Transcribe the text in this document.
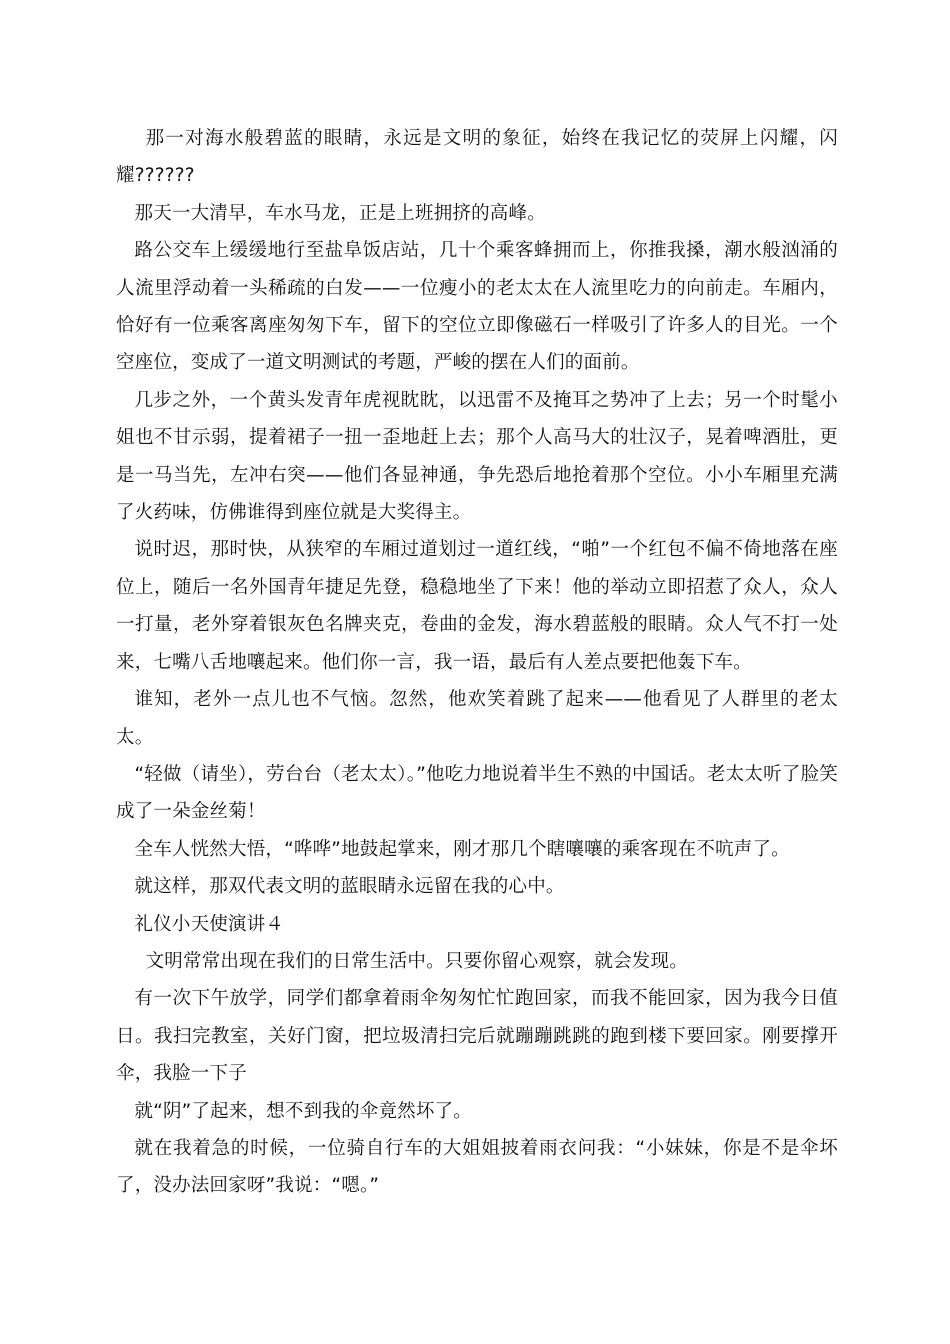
那一对海水般碧蓝的眼睛，永远是文明的象征，始终在我记忆的荧屏上闪耀，闪耀??????

那天一大清早，车水马龙，正是上班拥挤的高峰。

路公交车上缓缓地行至盐阜饭店站，几十个乘客蜂拥而上，你推我搡，潮水般汹涌的人流里浮动着一头稀疏的白发——一位瘦小的老太太在人流里吃力的向前走。车厢内，恰好有一位乘客离座匆匆下车，留下的空位立即像磁石一样吸引了许多人的目光。一个空座位，变成了一道文明测试的考题，严峻的摆在人们的面前。

几步之外，一个黄头发青年虎视眈眈，以迅雷不及掩耳之势冲了上去；另一个时髦小姐也不甘示弱，提着裙子一扭一歪地赶上去；那个人高马大的壮汉子，晃着啤酒肚，更是一马当先，左冲右突——他们各显神通，争先恐后地抢着那个空位。小小车厢里充满了火药味，仿佛谁得到座位就是大奖得主。

说时迟，那时快，从狭窄的车厢过道划过一道红线，“啪”一个红包不偏不倚地落在座位上，随后一名外国青年捷足先登，稳稳地坐了下来！他的举动立即招惹了众人，众人一打量，老外穿着银灰色名牌夹克，卷曲的金发，海水碧蓝般的眼睛。众人气不打一处来，七嘴八舌地嚷起来。他们你一言，我一语，最后有人差点要把他轰下车。

谁知，老外一点儿也不气恼。忽然，他欢笑着跳了起来——他看见了人群里的老太太。

“轻做（请坐），劳台台（老太太）。”他吃力地说着半生不熟的中国话。老太太听了脸笑成了一朵金丝菊！

全车人恍然大悟，“哗哗”地鼓起掌来，刚才那几个瞎嚷嚷的乘客现在不吭声了。

就这样，那双代表文明的蓝眼睛永远留在我的心中。

礼仪小天使演讲４

文明常常出现在我们的日常生活中。只要你留心观察，就会发现。

有一次下午放学，同学们都拿着雨伞匆匆忙忙跑回家，而我不能回家，因为我今日值日。我扫完教室，关好门窗，把垃圾清扫完后就蹦蹦跳跳的跑到楼下要回家。刚要撑开伞，我脸一下子

就“阴”了起来，想不到我的伞竟然坏了。

就在我着急的时候，一位骑自行车的大姐姐披着雨衣问我：“小妹妹，你是不是伞坏了，没办法回家呀”我说：“嗯。”
